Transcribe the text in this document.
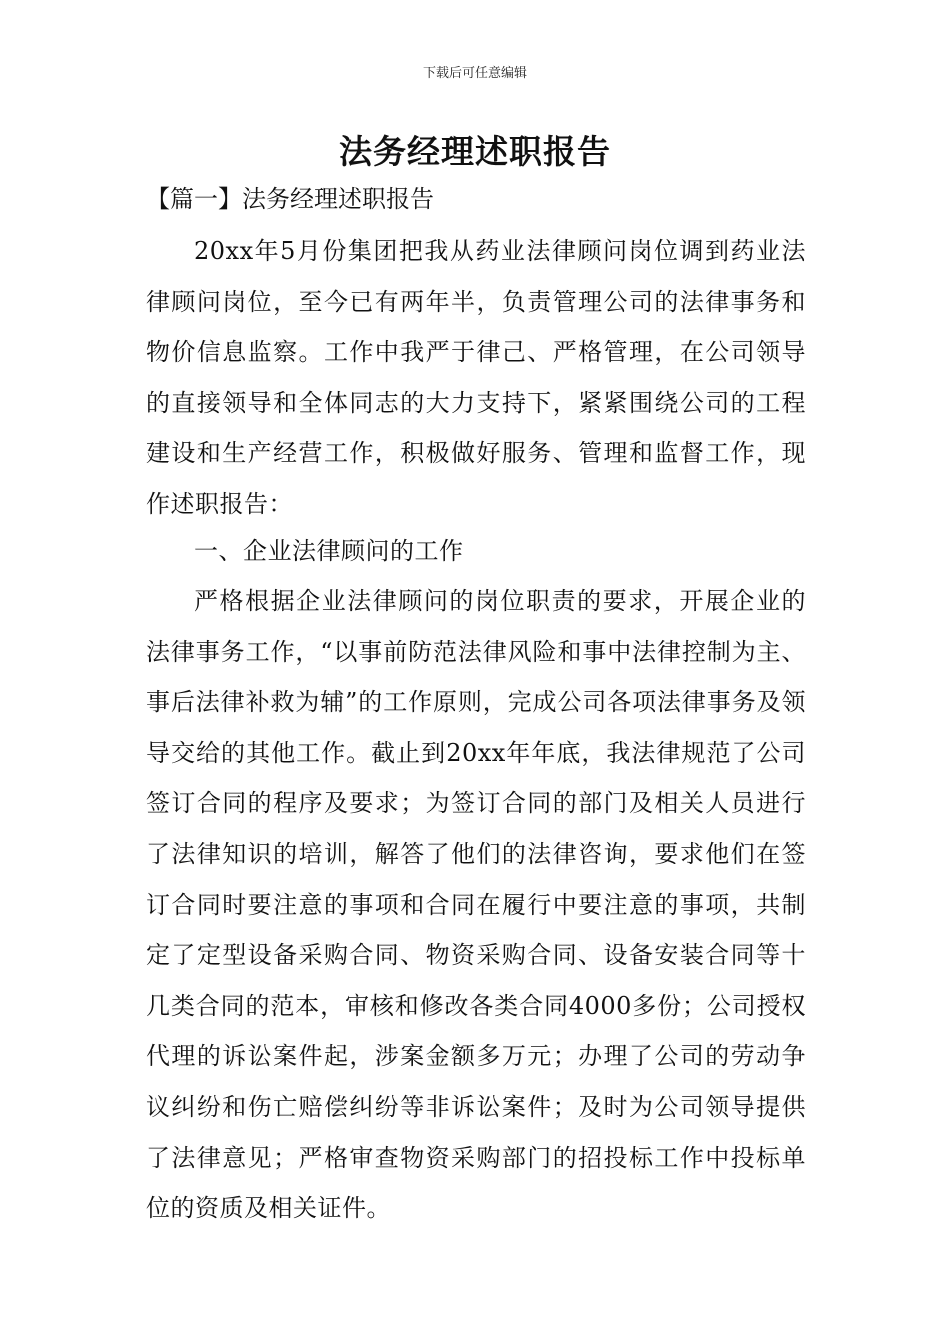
下载后可任意编辑
法务经理述职报告
【篇一】法务经理述职报告

20xx年5月份集团把我从药业法律顾问岗位调到药业法律顾问岗位，至今已有两年半，负责管理公司的法律事务和物价信息监察。工作中我严于律己、严格管理，在公司领导的直接领导和全体同志的大力支持下，紧紧围绕公司的工程建设和生产经营工作，积极做好服务、管理和监督工作，现作述职报告：

一、企业法律顾问的工作

严格根据企业法律顾问的岗位职责的要求，开展企业的法律事务工作，“以事前防范法律风险和事中法律控制为主、事后法律补救为辅”的工作原则，完成公司各项法律事务及领导交给的其他工作。截止到20xx年年底，我法律规范了公司签订合同的程序及要求；为签订合同的部门及相关人员进行了法律知识的培训，解答了他们的法律咨询，要求他们在签订合同时要注意的事项和合同在履行中要注意的事项，共制定了定型设备采购合同、物资采购合同、设备安装合同等十几类合同的范本，审核和修改各类合同4000多份；公司授权代理的诉讼案件起，涉案金额多万元；办理了公司的劳动争议纠纷和伤亡赔偿纠纷等非诉讼案件；及时为公司领导提供了法律意见；严格审查物资采购部门的招投标工作中投标单位的资质及相关证件。
